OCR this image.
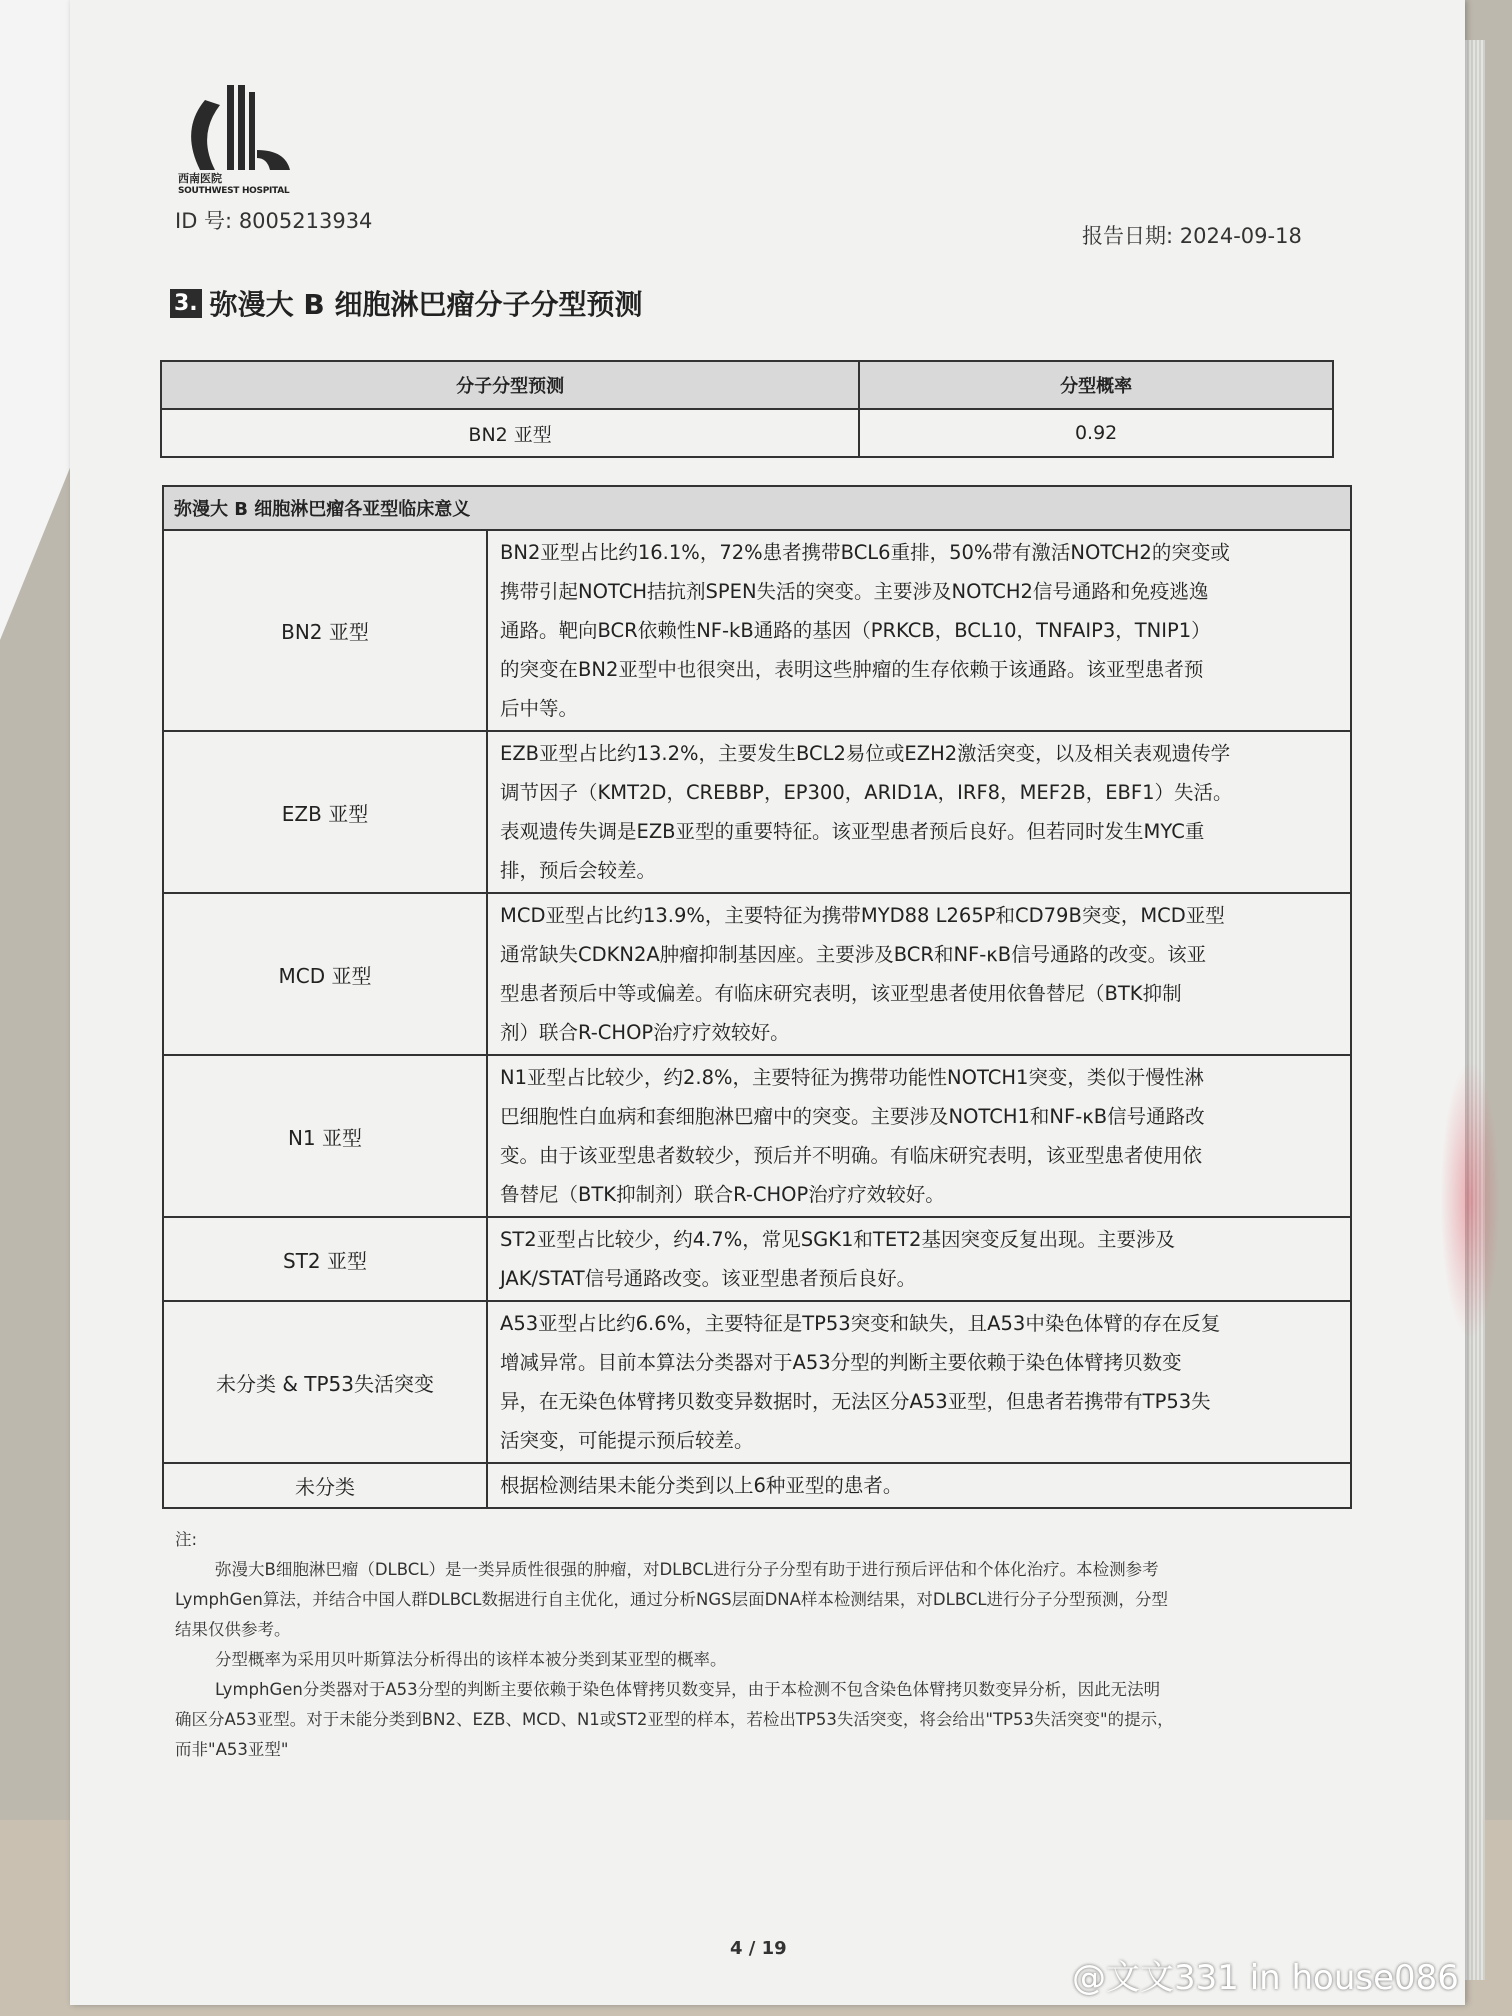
西南医院
SOUTHWEST HOSPITAL
ID 号: 8005213934
报告日期: 2024-09-18
3. 弥漫大 B 细胞淋巴瘤分子分型预测
分子分型预测	分型概率
BN2 亚型	0.92
弥漫大 B 细胞淋巴瘤各亚型临床意义	
BN2 亚型	BN2亚型占比约16.1%，72%患者携带BCL6重排，50%带有激活NOTCH2的突变或
携带引起NOTCH拮抗剂SPEN失活的突变。主要涉及NOTCH2信号通路和免疫逃逸
通路。靶向BCR依赖性NF-kB通路的基因（PRKCB，BCL10，TNFAIP3，TNIP1）
的突变在BN2亚型中也很突出，表明这些肿瘤的生存依赖于该通路。该亚型患者预
后中等。

EZB 亚型	EZB亚型占比约13.2%，主要发生BCL2易位或EZH2激活突变，以及相关表观遗传学
调节因子（KMT2D，CREBBP，EP300，ARID1A，IRF8，MEF2B，EBF1）失活。
表观遗传失调是EZB亚型的重要特征。该亚型患者预后良好。但若同时发生MYC重
排，预后会较差。

MCD 亚型	MCD亚型占比约13.9%，主要特征为携带MYD88 L265P和CD79B突变，MCD亚型
通常缺失CDKN2A肿瘤抑制基因座。主要涉及BCR和NF-κB信号通路的改变。该亚
型患者预后中等或偏差。有临床研究表明，该亚型患者使用依鲁替尼（BTK抑制
剂）联合R-CHOP治疗疗效较好。

N1 亚型	N1亚型占比较少，约2.8%，主要特征为携带功能性NOTCH1突变，类似于慢性淋
巴细胞性白血病和套细胞淋巴瘤中的突变。主要涉及NOTCH1和NF-κB信号通路改
变。由于该亚型患者数较少，预后并不明确。有临床研究表明，该亚型患者使用依
鲁替尼（BTK抑制剂）联合R-CHOP治疗疗效较好。

ST2 亚型	ST2亚型占比较少，约4.7%，常见SGK1和TET2基因突变反复出现。主要涉及
JAK/STAT信号通路改变。该亚型患者预后良好。

未分类 & TP53失活突变	A53亚型占比约6.6%，主要特征是TP53突变和缺失，且A53中染色体臂的存在反复
增减异常。目前本算法分类器对于A53分型的判断主要依赖于染色体臂拷贝数变
异，在无染色体臂拷贝数变异数据时，无法区分A53亚型，但患者若携带有TP53失
活突变，可能提示预后较差。

未分类	根据检测结果未能分类到以上6种亚型的患者。

注:

弥漫大B细胞淋巴瘤（DLBCL）是一类异质性很强的肿瘤，对DLBCL进行分子分型有助于进行预后评估和个体化治疗。本检测参考

LymphGen算法，并结合中国人群DLBCL数据进行自主优化，通过分析NGS层面DNA样本检测结果，对DLBCL进行分子分型预测，分型

结果仅供参考。

分型概率为采用贝叶斯算法分析得出的该样本被分类到某亚型的概率。

LymphGen分类器对于A53分型的判断主要依赖于染色体臂拷贝数变异，由于本检测不包含染色体臂拷贝数变异分析，因此无法明

确区分A53亚型。对于未能分类到BN2、EZB、MCD、N1或ST2亚型的样本，若检出TP53失活突变，将会给出"TP53失活突变"的提示，

而非"A53亚型"

4 / 19
@文文331 in house086
